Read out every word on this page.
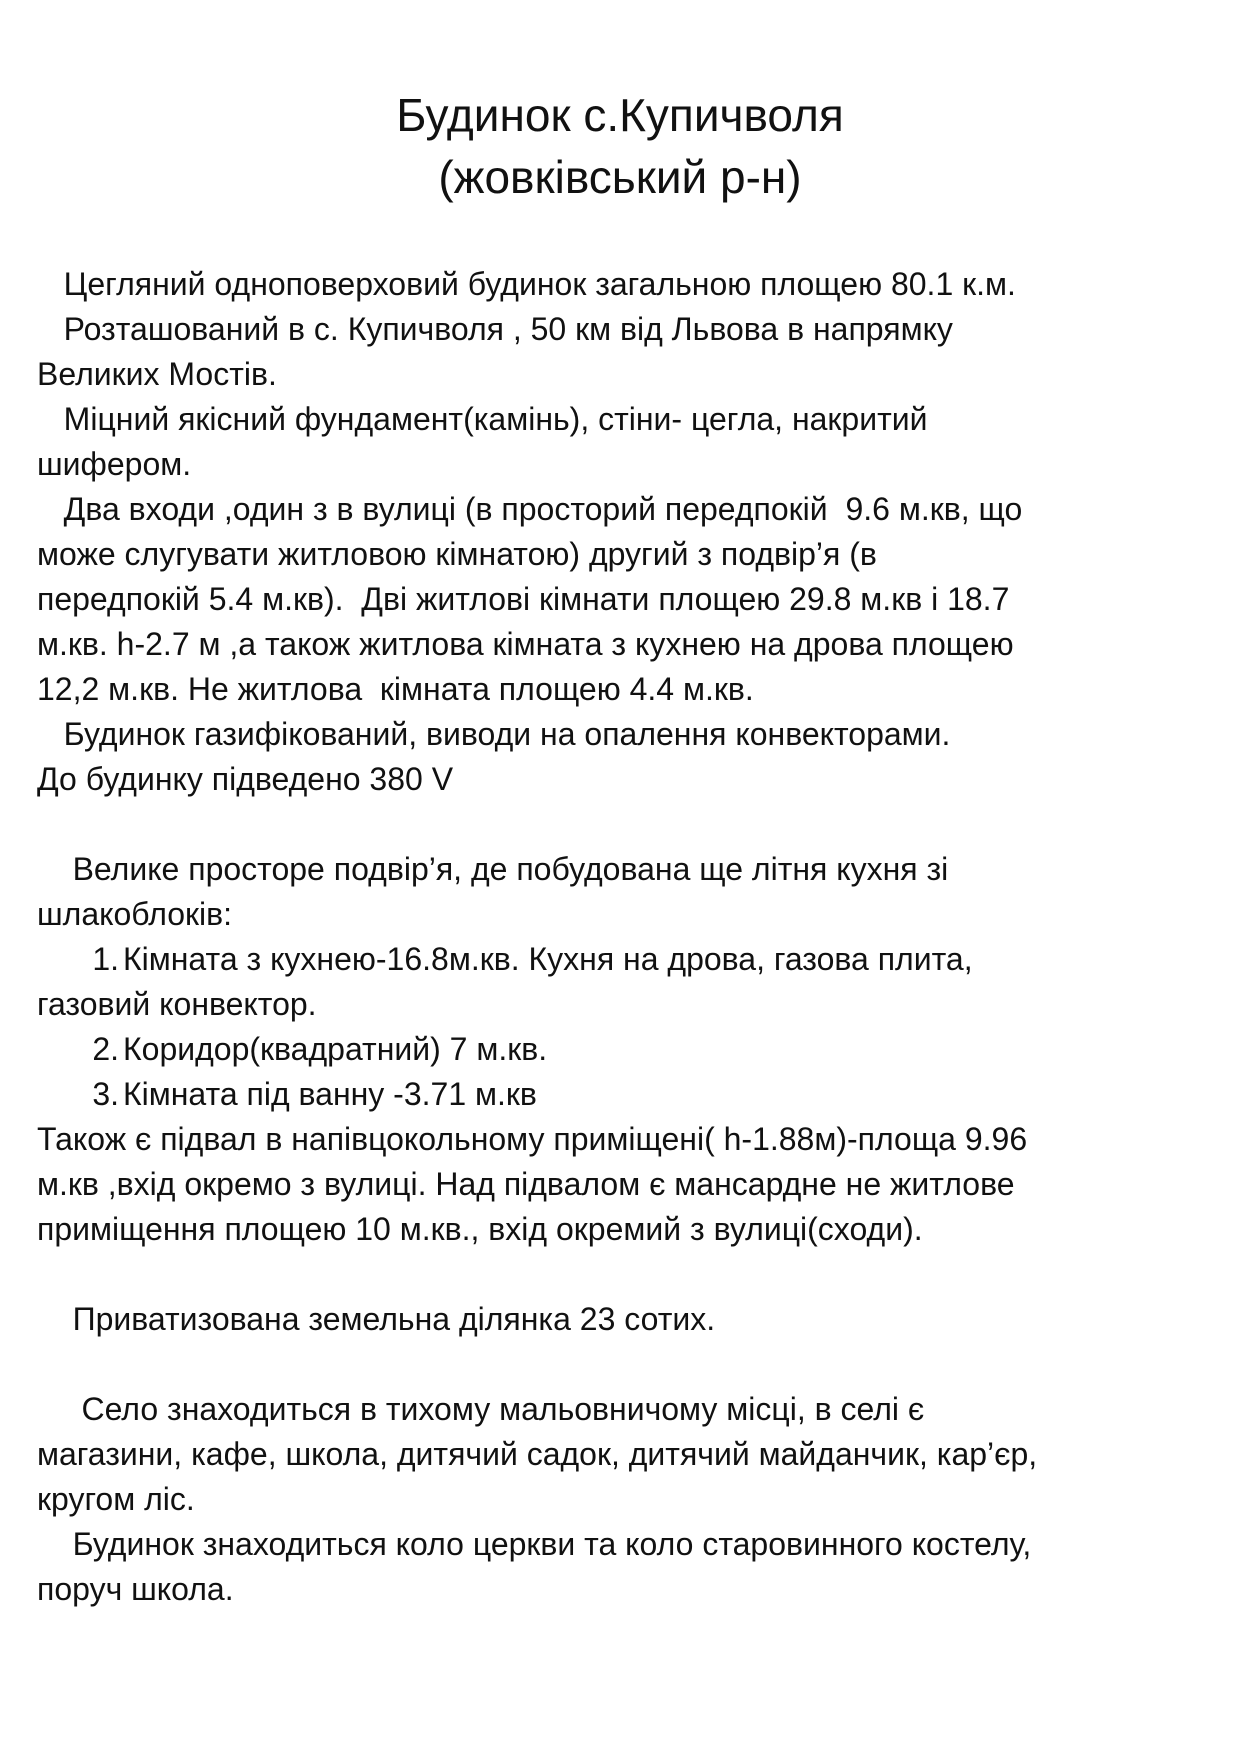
Будинок с.Купичволя
(жовківський р-н)
Цегляний одноповерховий будинок загальною площею 80.1 к.м.
Розташований в с. Купичволя , 50 км від Львова в напрямку
Великих Мостів.
Міцний якісний фундамент(камінь), стіни- цегла, накритий
шифером.
Два входи ,один з в вулиці (в просторий передпокій  9.6 м.кв, що
може слугувати житловою кімнатою) другий з подвір’я (в
передпокій 5.4 м.кв).  Дві житлові кімнати площею 29.8 м.кв і 18.7
м.кв. h-2.7 м ,а також житлова кімната з кухнею на дрова площею
12,2 м.кв. Не житлова  кімната площею 4.4 м.кв.
Будинок газифікований, виводи на опалення конвекторами.
До будинку підведено 380 V
Велике просторе подвір’я, де побудована ще літня кухня зі
шлакоблоків:
1. Кімната з кухнею-16.8м.кв. Кухня на дрова, газова плита,
газовий конвектор.
2. Коридор(квадратний) 7 м.кв.
3. Кімната під ванну -3.71 м.кв
Також є підвал в напівцокольному приміщені( h-1.88м)-площа 9.96
м.кв ,вхід окремо з вулиці. Над підвалом є мансардне не житлове
приміщення площею 10 м.кв., вхід окремий з вулиці(сходи).
Приватизована земельна ділянка 23 сотих.
Село знаходиться в тихому мальовничому місці, в селі є
магазини, кафе, школа, дитячий садок, дитячий майданчик, кар’єр,
кругом ліс.
Будинок знаходиться коло церкви та коло старовинного костелу,
поруч школа.
